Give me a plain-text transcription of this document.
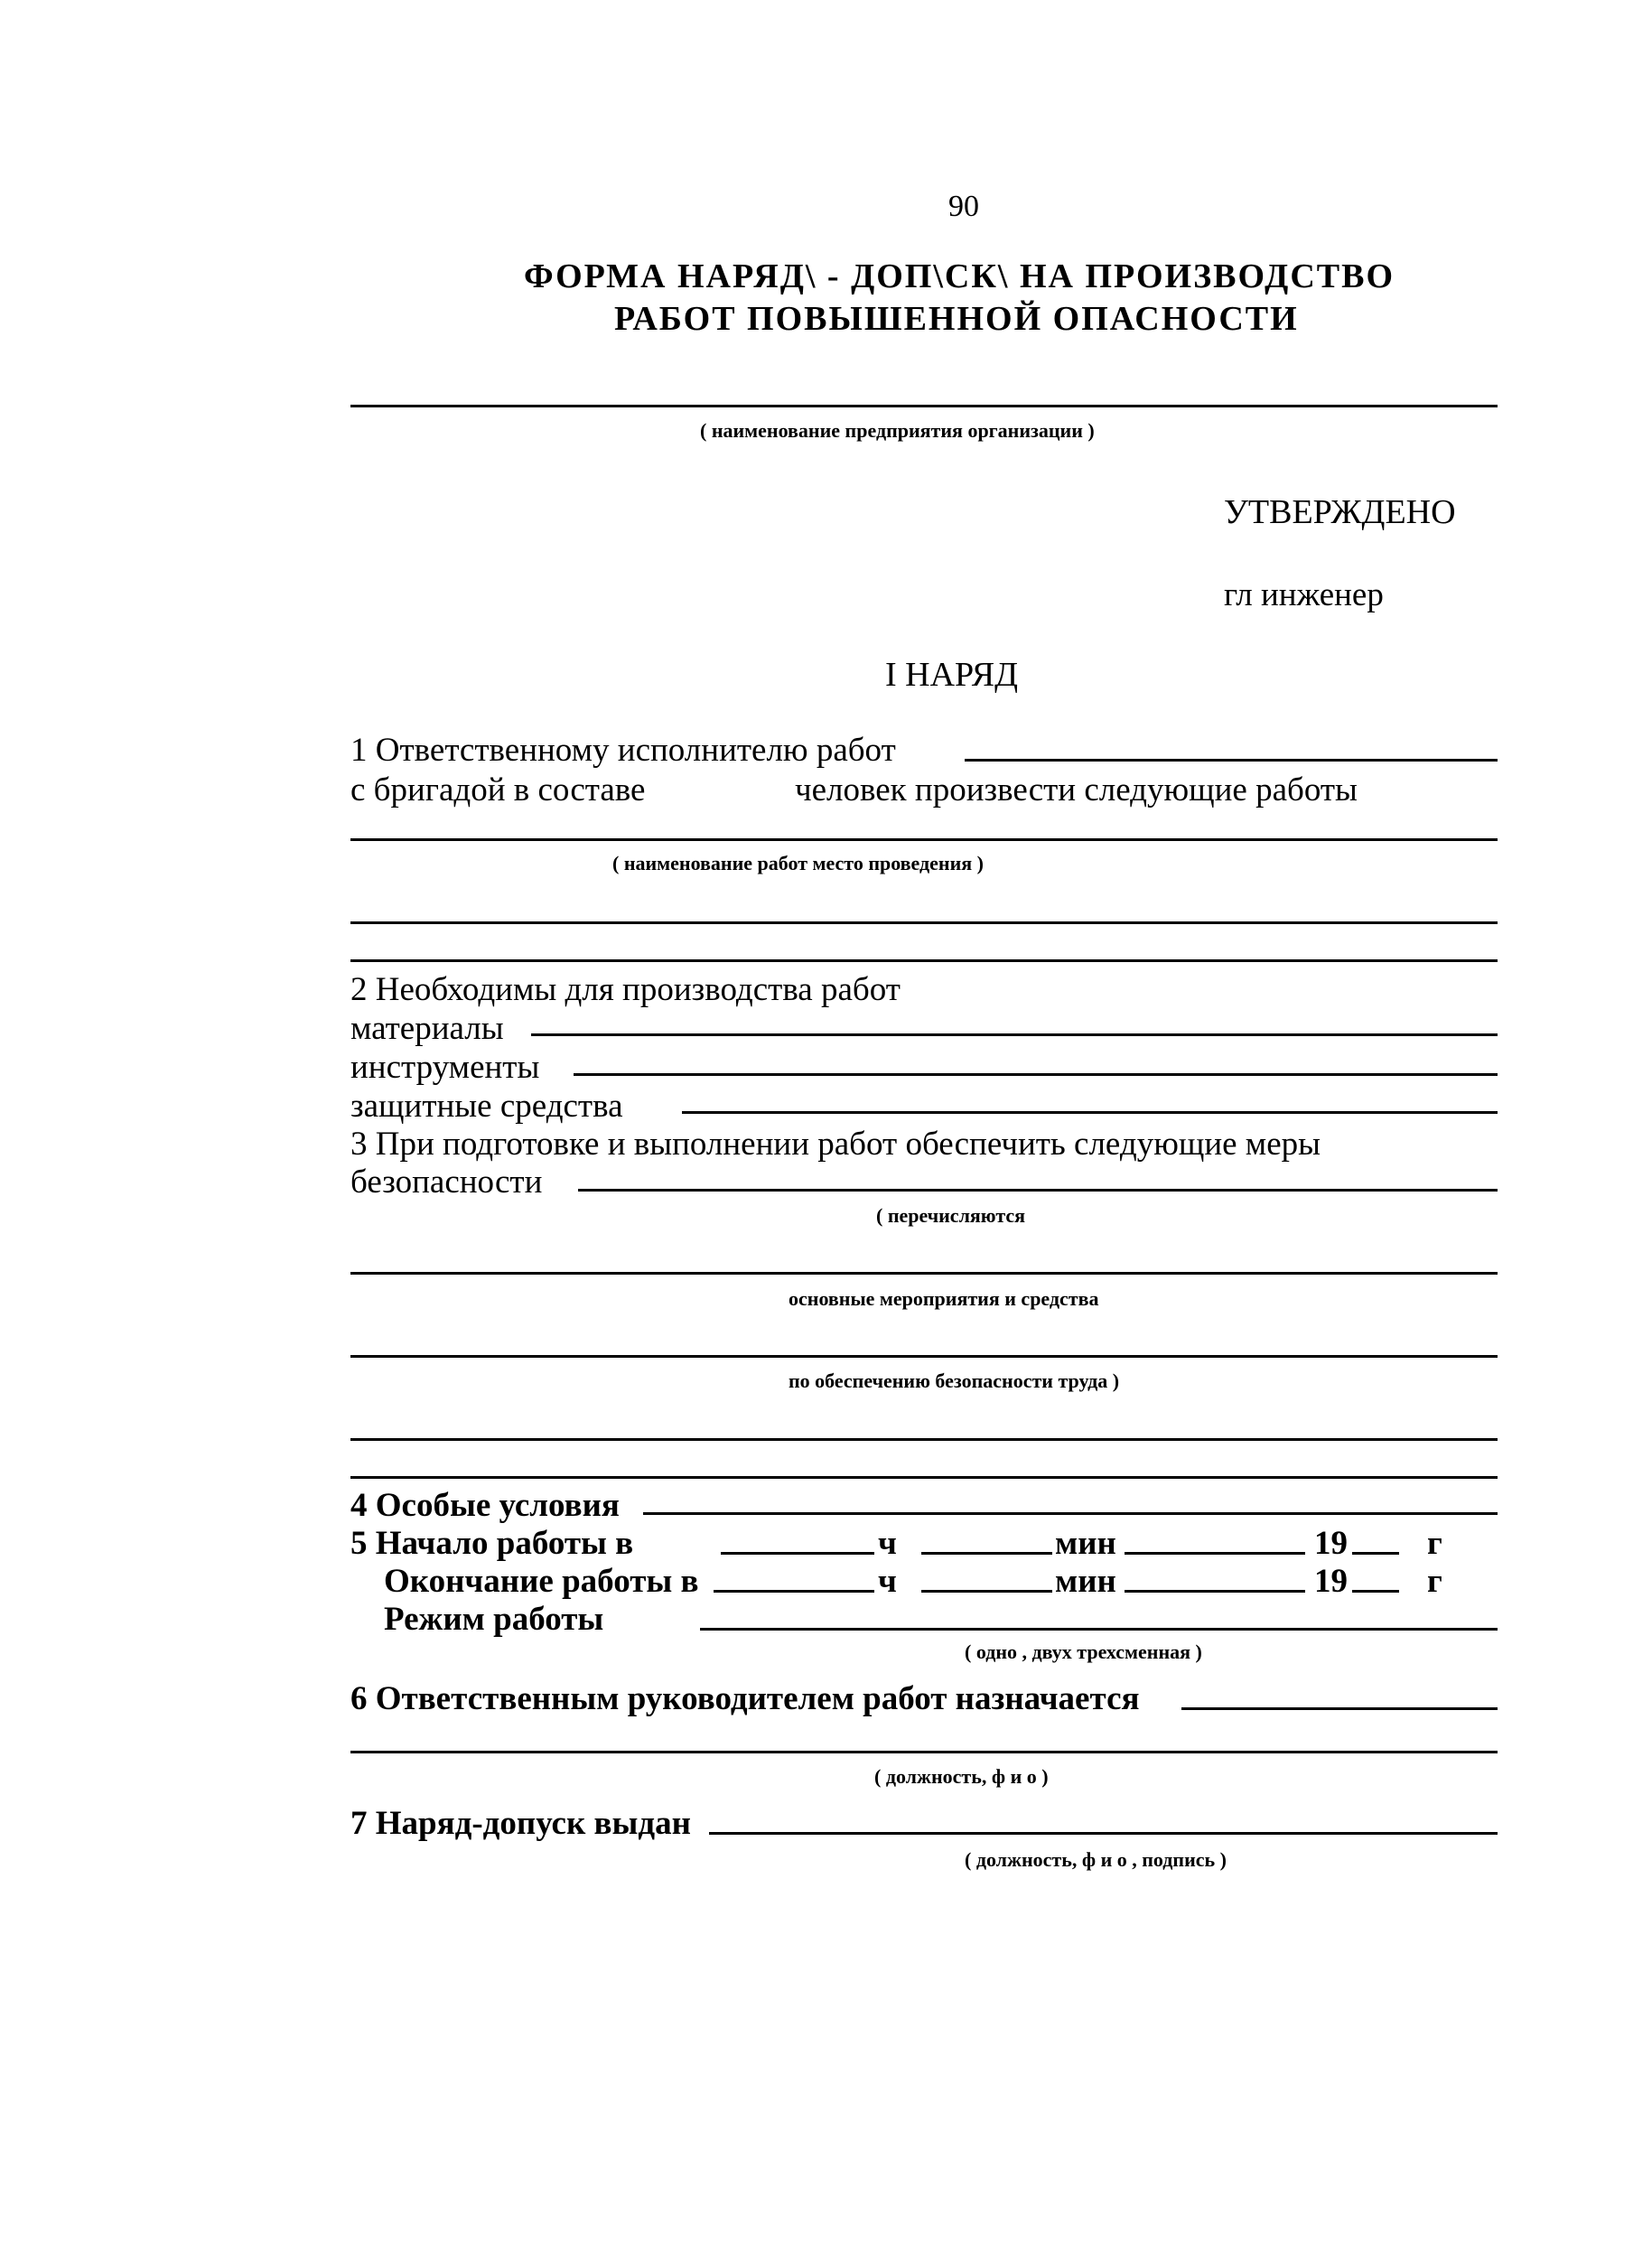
90
ФОРМА НАРЯД\ - ДОП\СК\ НА ПРОИЗВОДСТВО
РАБОТ ПОВЫШЕННОЙ ОПАСНОСТИ
( наименование предприятия организации )
УТВЕРЖДЕНО
гл инженер
I НАРЯД
1 Ответственному исполнителю работ
с бригадой в составе	человек произвести следующие работы
( наименование работ место проведения )
2 Необходимы для производства работ
материалы
инструменты
защитные средства
3 При подготовке и выполнении работ обеспечить следующие меры
безопасности
( перечисляются
основные мероприятия и средства
по обеспечению безопасности труда )
4 Особые условия
5 Начало работы в	ч	мин	19 г
Окончание работы в	ч	мин	19 г
Режим работы
( одно , двух трехсменная )
6 Ответственным руководителем работ назначается
( должность, ф и о )
7 Наряд-допуск выдан
( должность, ф и о , подпись )
